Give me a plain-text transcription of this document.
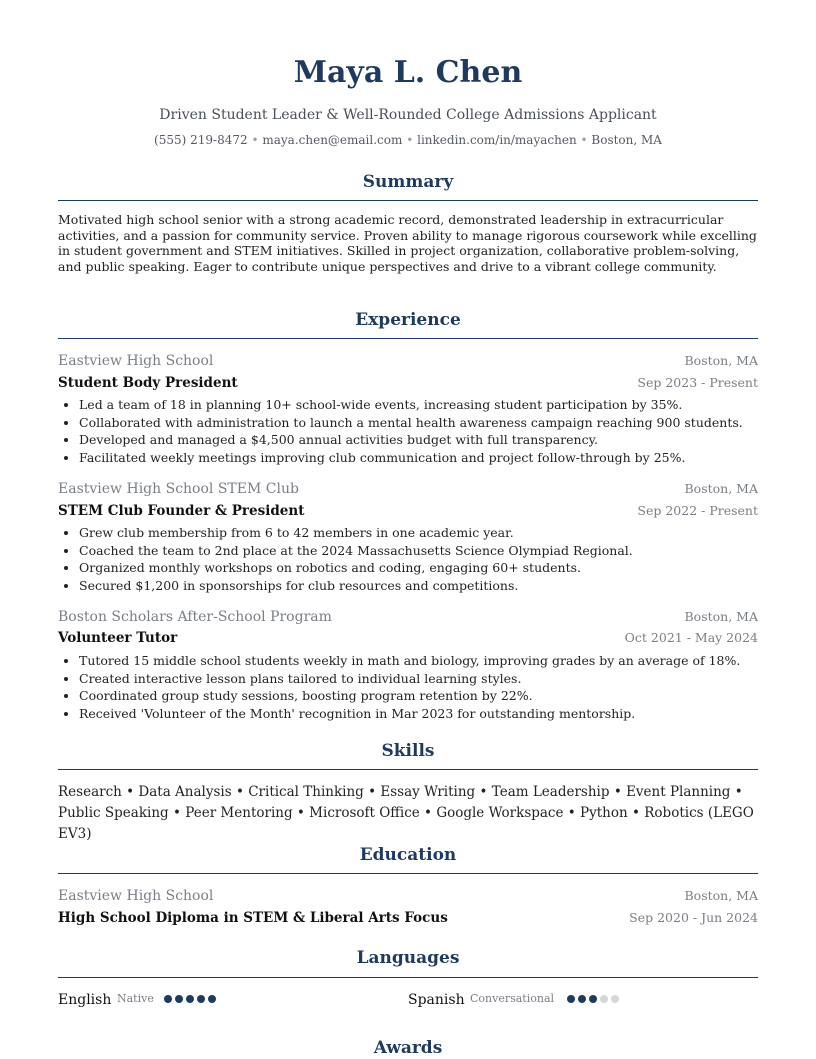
Maya L. Chen
Driven Student Leader & Well-Rounded College Admissions Applicant
(555) 219-8472 • maya.chen@email.com • linkedin.com/in/mayachen • Boston, MA
Summary

Motivated high school senior with a strong academic record, demonstrated leadership in extracurricular activities, and a passion for community service. Proven ability to manage rigorous coursework while excelling in student government and STEM initiatives. Skilled in project organization, collaborative problem-solving, and public speaking. Eager to contribute unique perspectives and drive to a vibrant college community.

Experience
Eastview High School	Boston, MA
Student Body President	Sep 2023 - Present
• Led a team of 18 in planning 10+ school-wide events, increasing student participation by 35%.
• Collaborated with administration to launch a mental health awareness campaign reaching 900 students.
• Developed and managed a $4,500 annual activities budget with full transparency.
• Facilitated weekly meetings improving club communication and project follow-through by 25%.
Eastview High School STEM Club	Boston, MA
STEM Club Founder & President	Sep 2022 - Present
• Grew club membership from 6 to 42 members in one academic year.
• Coached the team to 2nd place at the 2024 Massachusetts Science Olympiad Regional.
• Organized monthly workshops on robotics and coding, engaging 60+ students.
• Secured $1,200 in sponsorships for club resources and competitions.
Boston Scholars After-School Program	Boston, MA
Volunteer Tutor	Oct 2021 - May 2024
• Tutored 15 middle school students weekly in math and biology, improving grades by an average of 18%.
• Created interactive lesson plans tailored to individual learning styles.
• Coordinated group study sessions, boosting program retention by 22%.
• Received 'Volunteer of the Month' recognition in Mar 2023 for outstanding mentorship.
Skills

Research • Data Analysis • Critical Thinking • Essay Writing • Team Leadership • Event Planning • Public Speaking • Peer Mentoring • Microsoft Office • Google Workspace • Python • Robotics (LEGO EV3)

Education
Eastview High School	Boston, MA
High School Diploma in STEM & Liberal Arts Focus	Sep 2020 - Jun 2024
Languages
English Native	Spanish Conversational
Awards
